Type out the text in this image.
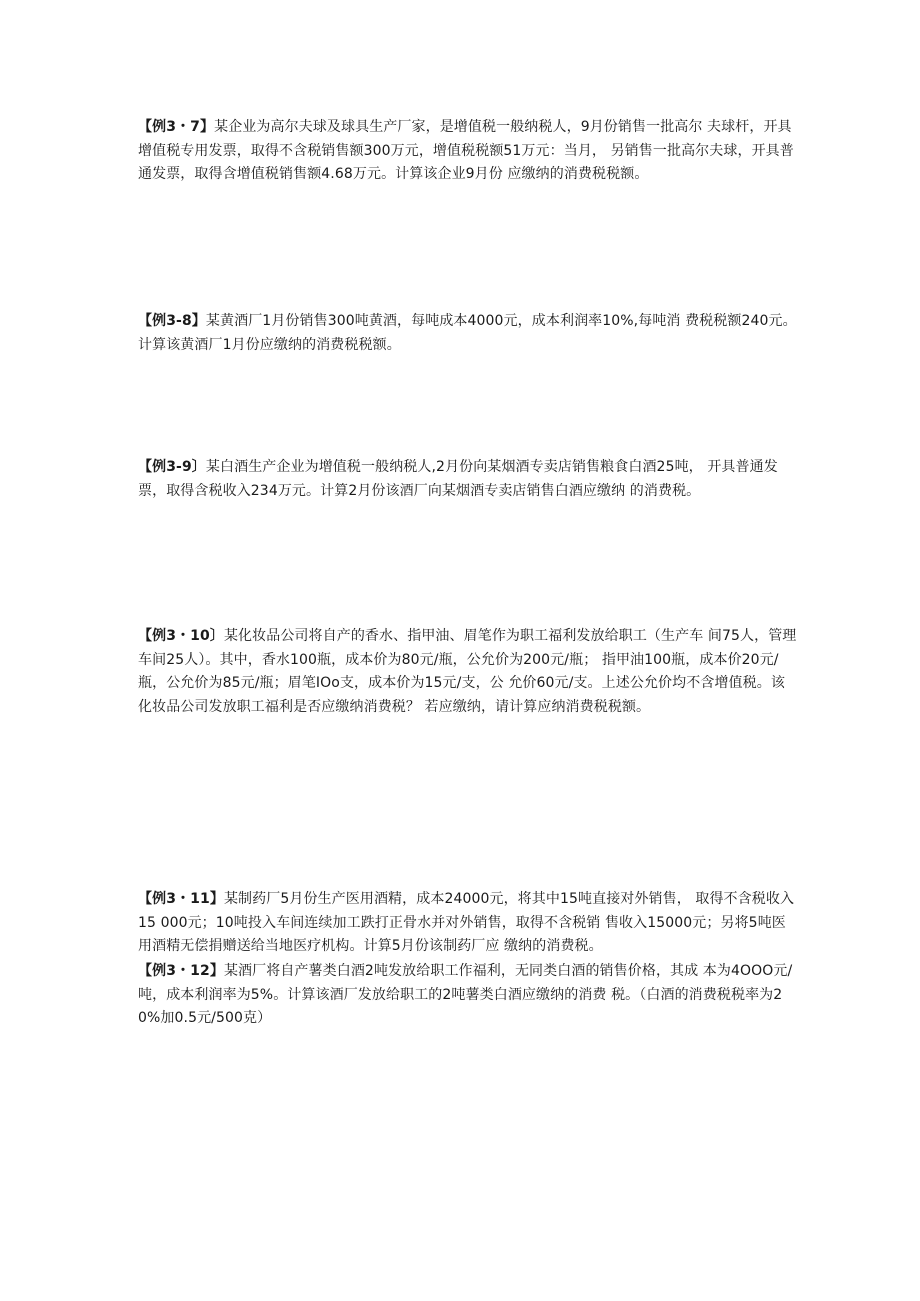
【例3・7】某企业为高尔夫球及球具生产厂家，是增值税一般纳税人，9月份销售一批高尔 夫球杆，开具增值税专用发票，取得不含税销售额300万元，增值税税额51万元：当月， 另销售一批高尔夫球，开具普通发票，取得含增值税销售额4.68万元。计算该企业9月份 应缴纳的消费税税额。

【例3-8】某黄酒厂1月份销售300吨黄酒，每吨成本4000元，成本利润率10%,每吨消 费税税额240元。计算该黄酒厂1月份应缴纳的消费税税额。

【例3-9〕某白酒生产企业为增值税一般纳税人,2月份向某烟酒专卖店销售粮食白酒25吨， 开具普通发票，取得含税收入234万元。计算2月份该酒厂向某烟酒专卖店销售白酒应缴纳 的消费税。

【例3・10〕某化妆品公司将自产的香水、指甲油、眉笔作为职工福利发放给职工（生产车 间75人，管理车间25人）。其中，香水100瓶，成本价为80元/瓶，公允价为200元/瓶； 指甲油100瓶，成本价20元/瓶，公允价为85元/瓶；眉笔IOo支，成本价为15元/支，公 允价60元/支。上述公允价均不含增值税。该化妆品公司发放职工福利是否应缴纳消费税？ 若应缴纳，请计算应纳消费税税额。

【例3・11】某制药厂5月份生产医用酒精，成本24000元，将其中15吨直接对外销售， 取得不含税收入15 000元；10吨投入车间连续加工跌打正骨水并对外销售，取得不含税销 售收入15000元；另将5吨医用酒精无偿捐赠送给当地医疗机构。计算5月份该制药厂应 缴纳的消费税。

【例3・12】某酒厂将自产薯类白酒2吨发放给职工作福利，无同类白酒的销售价格，其成 本为4OOO元/吨，成本利润率为5%。计算该酒厂发放给职工的2吨薯类白酒应缴纳的消费 税。（白酒的消费税税率为20%加0.5元/500克）
